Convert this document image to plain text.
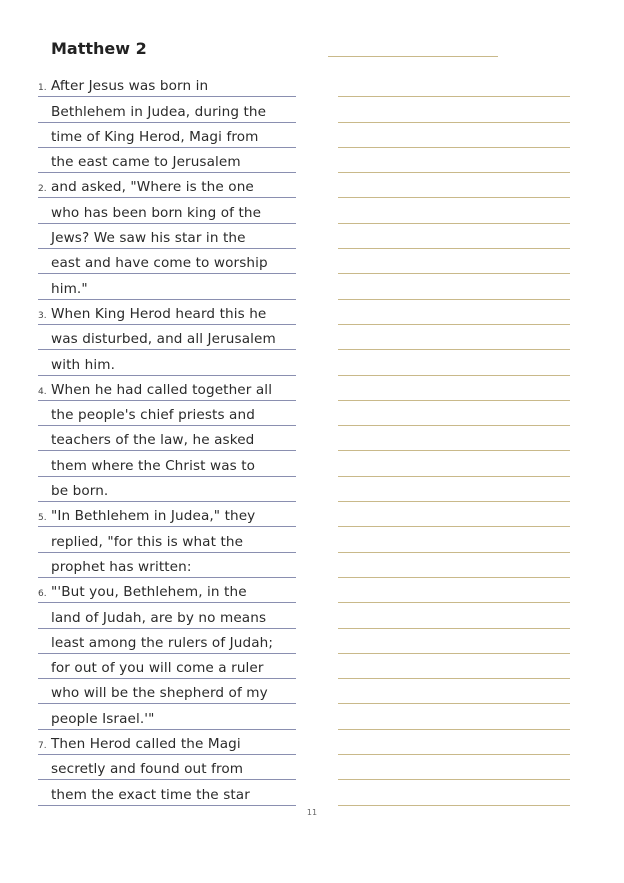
Matthew 2
1. After Jesus was born in
Bethlehem in Judea, during the
time of King Herod, Magi from
the east came to Jerusalem
2. and asked, "Where is the one
who has been born king of the
Jews? We saw his star in the
east and have come to worship
him."
3. When King Herod heard this he
was disturbed, and all Jerusalem
with him.
4. When he had called together all
the people's chief priests and
teachers of the law, he asked
them where the Christ was to
be born.
5. "In Bethlehem in Judea," they
replied, "for this is what the
prophet has written:
6. "'But you, Bethlehem, in the
land of Judah, are by no means
least among the rulers of Judah;
for out of you will come a ruler
who will be the shepherd of my
people Israel.'"
7. Then Herod called the Magi
secretly and found out from
them the exact time the star
11
